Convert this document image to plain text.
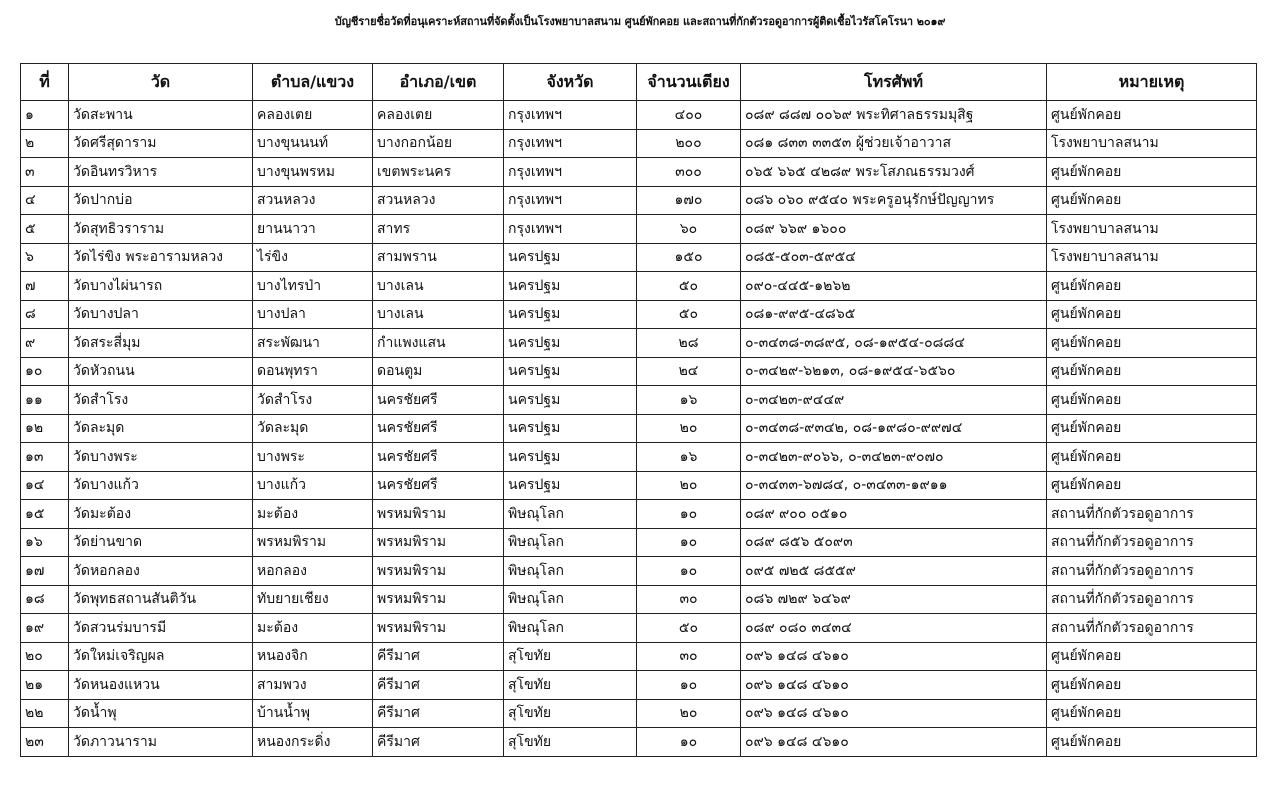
บัญชีรายชื่อวัดที่อนุเคราะห์สถานที่จัดตั้งเป็นโรงพยาบาลสนาม ศูนย์พักคอย และสถานที่กักตัวรอดูอาการผู้ติดเชื้อไวรัสโคโรนา ๒๐๑๙
ที่	วัด	ตำบล/แขวง	อำเภอ/เขต	จังหวัด	จำนวนเตียง	โทรศัพท์	หมายเหตุ
๑	วัดสะพาน	คลองเตย	คลองเตย	กรุงเทพฯ	๔๐๐	๐๘๙ ๘๘๗ ๐๐๖๙ พระทิศาลธรรมมุสิฐ	ศูนย์พักคอย
๒	วัดศรีสุดาราม	บางขุนนนท์	บางกอกน้อย	กรุงเทพฯ	๒๐๐	๐๘๑ ๘๓๓ ๓๓๕๓ ผู้ช่วยเจ้าอาวาส	โรงพยาบาลสนาม
๓	วัดอินทรวิหาร	บางขุนพรหม	เขตพระนคร	กรุงเทพฯ	๓๐๐	๐๖๕ ๖๖๕ ๔๒๘๙ พระโสภณธรรมวงศ์	ศูนย์พักคอย
๔	วัดปากบ่อ	สวนหลวง	สวนหลวง	กรุงเทพฯ	๑๗๐	๐๘๖ ๐๖๐ ๙๕๔๐ พระครูอนุรักษ์ปัญญาทร	ศูนย์พักคอย
๕	วัดสุทธิวราราม	ยานนาวา	สาทร	กรุงเทพฯ	๖๐	๐๘๙ ๖๖๙ ๑๖๐๐	โรงพยาบาลสนาม
๖	วัดไร่ขิง พระอารามหลวง	ไร่ขิง	สามพราน	นครปฐม	๑๕๐	๐๘๕-๕๐๓-๕๙๕๔	โรงพยาบาลสนาม
๗	วัดบางไผ่นารถ	บางไทรป่า	บางเลน	นครปฐม	๕๐	๐๙๐-๔๔๕-๑๒๖๒	ศูนย์พักคอย
๘	วัดบางปลา	บางปลา	บางเลน	นครปฐม	๕๐	๐๘๑-๙๙๕-๔๘๖๕	ศูนย์พักคอย
๙	วัดสระสี่มุม	สระพัฒนา	กำแพงแสน	นครปฐม	๒๘	๐-๓๔๓๘-๓๘๙๕, ๐๘-๑๙๕๔-๐๘๘๔	ศูนย์พักคอย
๑๐	วัดหัวถนน	ดอนพุทรา	ดอนตูม	นครปฐม	๒๔	๐-๓๔๒๙-๖๒๑๓, ๐๘-๑๙๕๔-๖๕๖๐	ศูนย์พักคอย
๑๑	วัดสำโรง	วัดสำโรง	นครชัยศรี	นครปฐม	๑๖	๐-๓๔๒๓-๙๔๔๙	ศูนย์พักคอย
๑๒	วัดละมุด	วัดละมุด	นครชัยศรี	นครปฐม	๒๐	๐-๓๔๓๘-๙๓๔๒, ๐๘-๑๙๘๐-๙๙๗๔	ศูนย์พักคอย
๑๓	วัดบางพระ	บางพระ	นครชัยศรี	นครปฐม	๑๖	๐-๓๔๒๓-๙๐๖๖, ๐-๓๔๒๓-๙๐๗๐	ศูนย์พักคอย
๑๔	วัดบางแก้ว	บางแก้ว	นครชัยศรี	นครปฐม	๒๐	๐-๓๔๓๓-๖๗๘๔, ๐-๓๔๓๓-๑๙๑๑	ศูนย์พักคอย
๑๕	วัดมะต้อง	มะต้อง	พรหมพิราม	พิษณุโลก	๑๐	๐๘๙ ๙๐๐ ๐๕๑๐	สถานที่กักตัวรอดูอาการ
๑๖	วัดย่านขาด	พรหมพิราม	พรหมพิราม	พิษณุโลก	๑๐	๐๘๙ ๘๕๖ ๕๐๙๓	สถานที่กักตัวรอดูอาการ
๑๗	วัดหอกลอง	หอกลอง	พรหมพิราม	พิษณุโลก	๑๐	๐๙๕ ๗๒๕ ๘๕๕๙	สถานที่กักตัวรอดูอาการ
๑๘	วัดพุทธสถานสันติวัน	ทับยายเชียง	พรหมพิราม	พิษณุโลก	๓๐	๐๘๖ ๗๒๙ ๖๔๖๙	สถานที่กักตัวรอดูอาการ
๑๙	วัดสวนร่มบารมี	มะต้อง	พรหมพิราม	พิษณุโลก	๕๐	๐๘๙ ๐๘๐ ๓๔๓๔	สถานที่กักตัวรอดูอาการ
๒๐	วัดใหม่เจริญผล	หนองจิก	คีรีมาศ	สุโขทัย	๓๐	๐๙๖ ๑๔๘ ๔๖๑๐	ศูนย์พักคอย
๒๑	วัดหนองแหวน	สามพวง	คีรีมาศ	สุโขทัย	๑๐	๐๙๖ ๑๔๘ ๔๖๑๐	ศูนย์พักคอย
๒๒	วัดน้ำพุ	บ้านน้ำพุ	คีรีมาศ	สุโขทัย	๒๐	๐๙๖ ๑๔๘ ๔๖๑๐	ศูนย์พักคอย
๒๓	วัดภาวนาราม	หนองกระดิ่ง	คีรีมาศ	สุโขทัย	๑๐	๐๙๖ ๑๔๘ ๔๖๑๐	ศูนย์พักคอย
